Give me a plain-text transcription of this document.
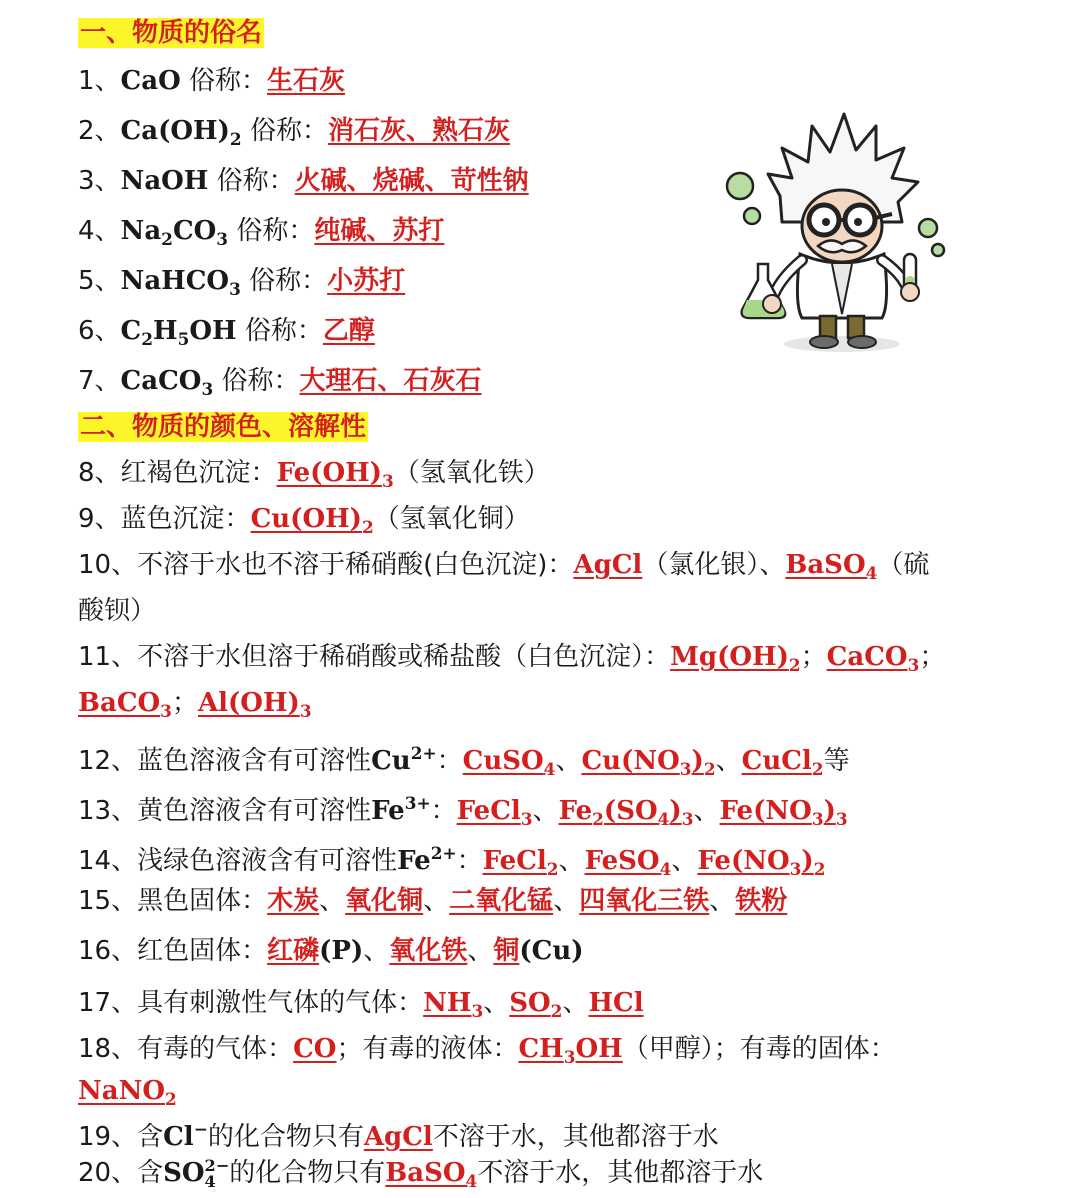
一、物质的俗名
1、CaO 俗称：生石灰
2、$Ca(OH)_2$ 俗称：消石灰、熟石灰
3、NaOH 俗称：火碱、烧碱、苛性钠
4、$Na_2CO_3$ 俗称：纯碱、苏打
5、NaHCO$_3$ 俗称：小苏打
6、$C_2H_5OH$ 俗称：乙醇
7、CaCO$_3$ 俗称：大理石、石灰石
二、物质的颜色、溶解性
8、红褐色沉淀：$Fe(OH)_3$（氢氧化铁）
9、蓝色沉淀：$Cu(OH)_2$（氢氧化铜）
10、不溶于水也不溶于稀硝酸(白色沉淀)：AgCl（氯化银）、BaSO$_4$（硫
酸钡）
11、不溶于水但溶于稀硝酸或稀盐酸（白色沉淀）：$Mg(OH)_2$；CaCO$_3$；
BaCO$_3$；$Al(OH)_3$
12、蓝色溶液含有可溶性$Cu^{2+}$：CuSO$_4$、$Cu(NO_3)_2$、CuCl$_2$等
13、黄色溶液含有可溶性$Fe^{3+}$：FeCl$_3$、$Fe_2(SO_4)_3$、$Fe(NO_3)_3$
14、浅绿色溶液含有可溶性$Fe^{2+}$：FeCl$_2$、FeSO$_4$、$Fe(NO_3)_2$
15、黑色固体：木炭、氧化铜、二氧化锰、四氧化三铁、铁粉
16、红色固体：红磷(P)、氧化铁、铜(Cu)
17、具有刺激性气体的气体：$NH_3$、$SO_2$、HCl
18、有毒的气体：CO；有毒的液体：$CH_3OH$（甲醇）；有毒的固体：
NaNO$_2$
19、含Cl−的化合物只有AgCl不溶于水，其他都溶于水
20、含SO 2−
4 的化合物只有BaSO$_4$不溶于水，其他都溶于水
